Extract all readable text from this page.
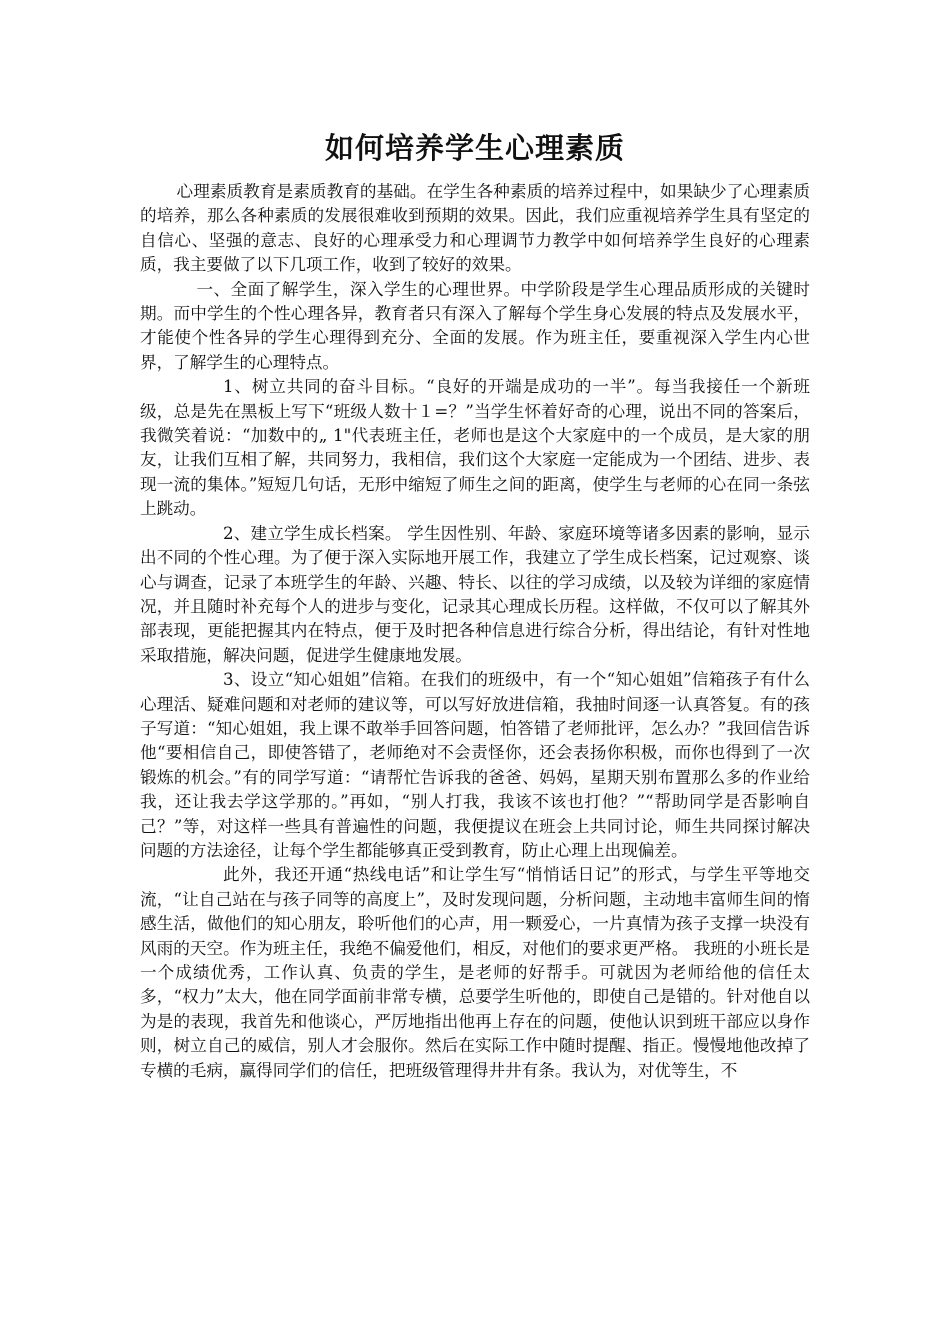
如何培养学生心理素质

心理素质教育是素质教育的基础。在学生各种素质的培养过程中，如果缺少了心理素质的培养，那么各种素质的发展很难收到预期的效果。因此，我们应重视培养学生具有坚定的自信心、坚强的意志、良好的心理承受力和心理调节力教学中如何培养学生良好的心理素质，我主要做了以下几项工作，收到了较好的效果。

一、全面了解学生，深入学生的心理世界。中学阶段是学生心理品质形成的关键时期。而中学生的个性心理各异，教育者只有深入了解每个学生身心发展的特点及发展水平，才能使个性各异的学生心理得到充分、全面的发展。作为班主任，要重视深入学生内心世界，了解学生的心理特点。

1、树立共同的奋斗目标。“良好的开端是成功的一半”。每当我接任一个新班级，总是先在黑板上写下“班级人数十１=？”当学生怀着好奇的心理，说出不同的答案后，我微笑着说：“加数中的„ 1"代表班主任，老师也是这个大家庭中的一个成员，是大家的朋友，让我们互相了解，共同努力，我相信，我们这个大家庭一定能成为一个团结、进步、表现一流的集体。”短短几句话，无形中缩短了师生之间的距离，使学生与老师的心在同一条弦上跳动。

2、建立学生成长档案。 学生因性别、年龄、家庭环境等诸多因素的影响，显示出不同的个性心理。为了便于深入实际地开展工作，我建立了学生成长档案，记过观察、谈心与调查，记录了本班学生的年龄、兴趣、特长、以往的学习成绩，以及较为详细的家庭情况，并且随时补充每个人的进步与变化，记录其心理成长历程。这样做，不仅可以了解其外部表现，更能把握其内在特点，便于及时把各种信息进行综合分析，得出结论，有针对性地采取措施，解决问题，促进学生健康地发展。

3、设立“知心姐姐”信箱。在我们的班级中，有一个“知心姐姐”信箱孩子有什么心理活、疑难问题和对老师的建议等，可以写好放进信箱，我抽时间逐一认真答复。有的孩子写道：“知心姐姐，我上课不敢举手回答问题，怕答错了老师批评，怎么办？”我回信告诉他“要相信自己，即使答错了，老师绝对不会责怪你，还会表扬你积极，而你也得到了一次锻炼的机会。”有的同学写道：“请帮忙告诉我的爸爸、妈妈，星期天别布置那么多的作业给我，还让我去学这学那的。”再如，“别人打我，我该不该也打他？”“帮助同学是否影响自己？”等，对这样一些具有普遍性的问题，我便提议在班会上共同讨论，师生共同探讨解决问题的方法途径，让每个学生都能够真正受到教育，防止心理上出现偏差。

此外，我还开通“热线电话”和让学生写“悄悄话日记”的形式，与学生平等地交流，“让自己站在与孩子同等的高度上”，及时发现问题，分析问题，主动地丰富师生间的惰感生活，做他们的知心朋友，聆听他们的心声，用一颗爱心，一片真情为孩子支撑一块没有风雨的天空。作为班主任，我绝不偏爱他们，相反，对他们的要求更严格。 我班的小班长是一个成绩优秀，工作认真、负责的学生，是老师的好帮手。可就因为老师给他的信任太多，“权力”太大，他在同学面前非常专横，总要学生听他的，即使自己是错的。针对他自以为是的表现，我首先和他谈心，严厉地指出他再上存在的问题，使他认识到班干部应以身作则，树立自己的威信，别人才会服你。然后在实际工作中随时提醒、指正。慢慢地他改掉了专横的毛病，赢得同学们的信任，把班级管理得井井有条。我认为，对优等生，不
